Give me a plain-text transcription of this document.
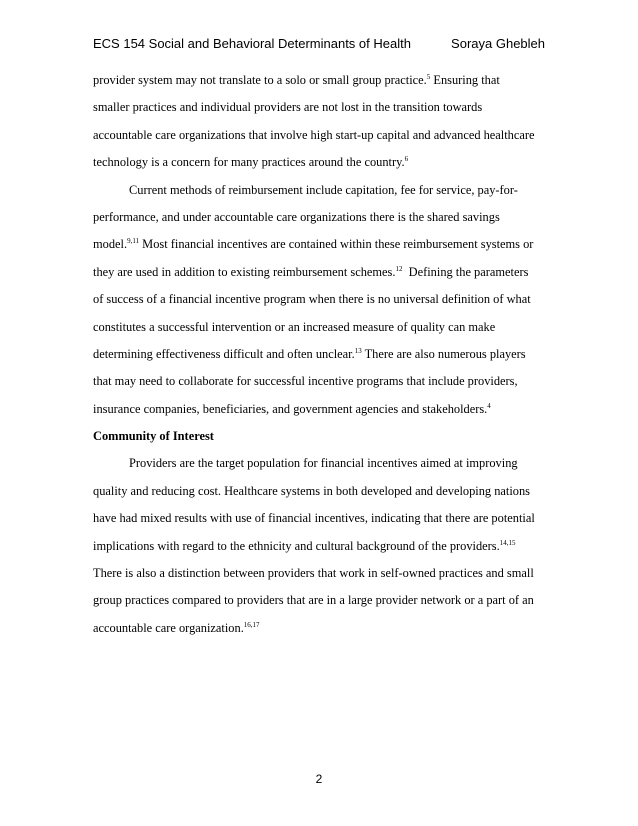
ECS 154 Social and Behavioral Determinants of Health	Soraya Ghebleh
provider system may not translate to a solo or small group practice.$^5$ Ensuring that
smaller practices and individual providers are not lost in the transition towards
accountable care organizations that involve high start-up capital and advanced healthcare
technology is a concern for many practices around the country.$^6$
Current methods of reimbursement include capitation, fee for service, pay-for-
performance, and under accountable care organizations there is the shared savings
model.$^{9,11}$ Most financial incentives are contained within these reimbursement systems or
they are used in addition to existing reimbursement schemes.$^{12}$  Defining the parameters
of success of a financial incentive program when there is no universal definition of what
constitutes a successful intervention or an increased measure of quality can make
determining effectiveness difficult and often unclear.$^{13}$ There are also numerous players
that may need to collaborate for successful incentive programs that include providers,
insurance companies, beneficiaries, and government agencies and stakeholders.$^4$
Community of Interest
Providers are the target population for financial incentives aimed at improving
quality and reducing cost. Healthcare systems in both developed and developing nations
have had mixed results with use of financial incentives, indicating that there are potential
implications with regard to the ethnicity and cultural background of the providers.$^{14,15}$
There is also a distinction between providers that work in self-owned practices and small
group practices compared to providers that are in a large provider network or a part of an
accountable care organization.$^{16,17}$
2
